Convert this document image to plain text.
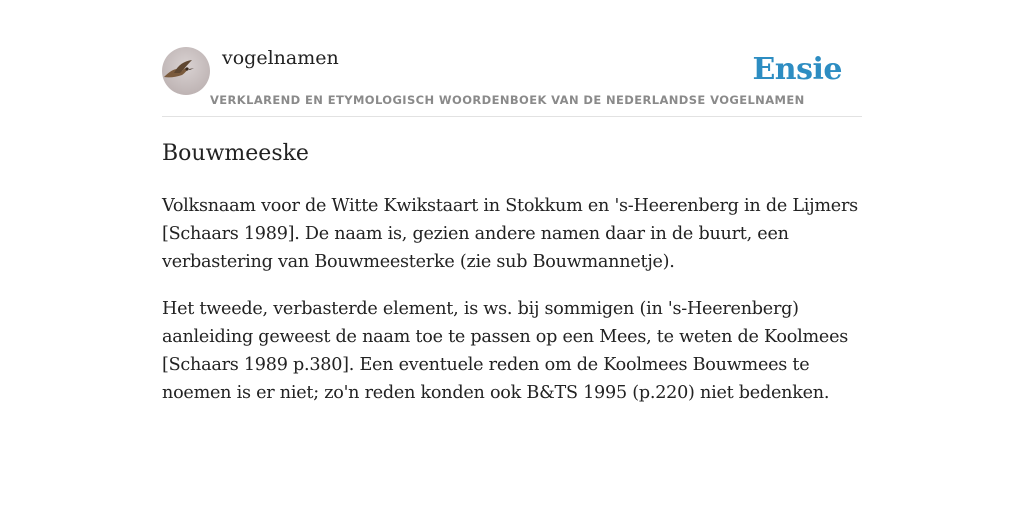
vogelnamen
VERKLAREND EN ETYMOLOGISCH WOORDENBOEK VAN DE NEDERLANDSE VOGELNAMEN
Ensie
Bouwmeeske

Volksnaam voor de Witte Kwikstaart in Stokkum en 's-Heerenberg in de Lijmers [Schaars 1989]. De naam is, gezien andere namen daar in de buurt, een verbastering van Bouwmeesterke (zie sub Bouwmannetje).

Het tweede, verbasterde element, is ws. bij sommigen (in 's-Heerenberg) aanleiding geweest de naam toe te passen op een Mees, te weten de Koolmees [Schaars 1989 p.380]. Een eventuele reden om de Koolmees Bouwmees te noemen is er niet; zo'n reden konden ook B&TS 1995 (p.220) niet bedenken.
